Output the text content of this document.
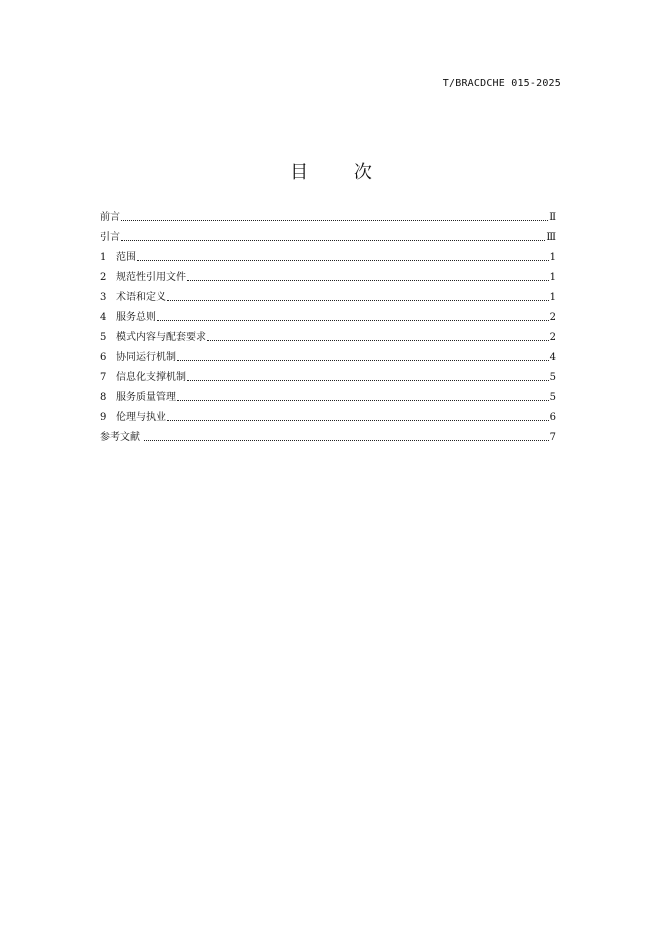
T/BRACDCHE 015-2025
目 次
前言	Ⅱ
引言	Ⅲ
1 范围	1
2 规范性引用文件	1
3 术语和定义	1
4 服务总则	2
5 模式内容与配套要求	2
6 协同运行机制	4
7 信息化支撑机制	5
8 服务质量管理	5
9 伦理与执业	6
参考文献	7
